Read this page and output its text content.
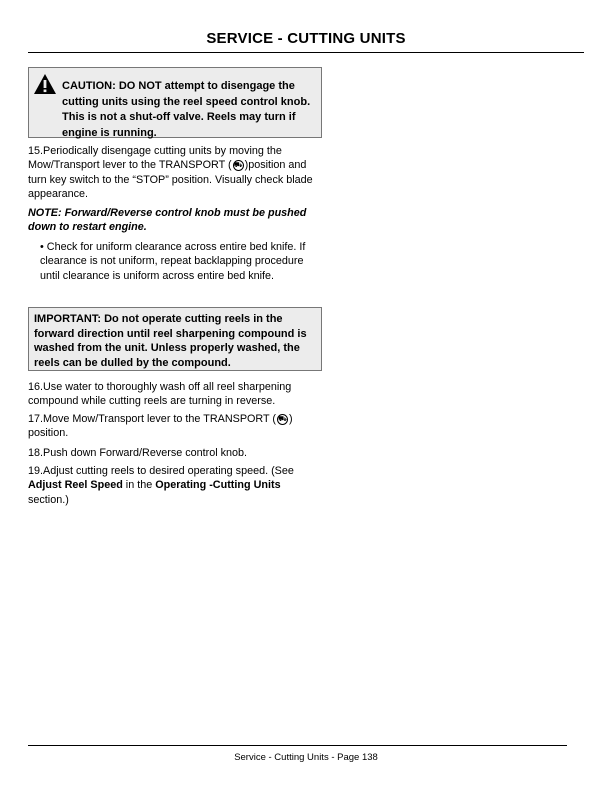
SERVICE - CUTTING UNITS
CAUTION: DO NOT attempt to disengage the cutting units using the reel speed control knob. This is not a shut-off valve. Reels may turn if engine is running.

15.Periodically disengage cutting units by moving the Mow/Transport lever to the TRANSPORT ( ⛟ )position and turn key switch to the “STOP” position. Visually check blade appearance.

NOTE: Forward/Reverse control knob must be pushed down to restart engine.
• Check for uniform clearance across entire bed knife. If clearance is not uniform, repeat backlapping procedure until clearance is uniform across entire bed knife.
IMPORTANT: Do not operate cutting reels in the forward direction until reel sharpening compound is washed from the unit. Unless properly washed, the reels can be dulled by the compound.
16.Use water to thoroughly wash off all reel sharpening compound while cutting reels are turning in reverse.

17.Move Mow/Transport lever to the TRANSPORT ( ⛟ ) position.

18.Push down Forward/Reverse control knob.

19.Adjust cutting reels to desired operating speed. (See Adjust Reel Speed in the Operating -Cutting Units section.)

Service - Cutting Units - Page 138
